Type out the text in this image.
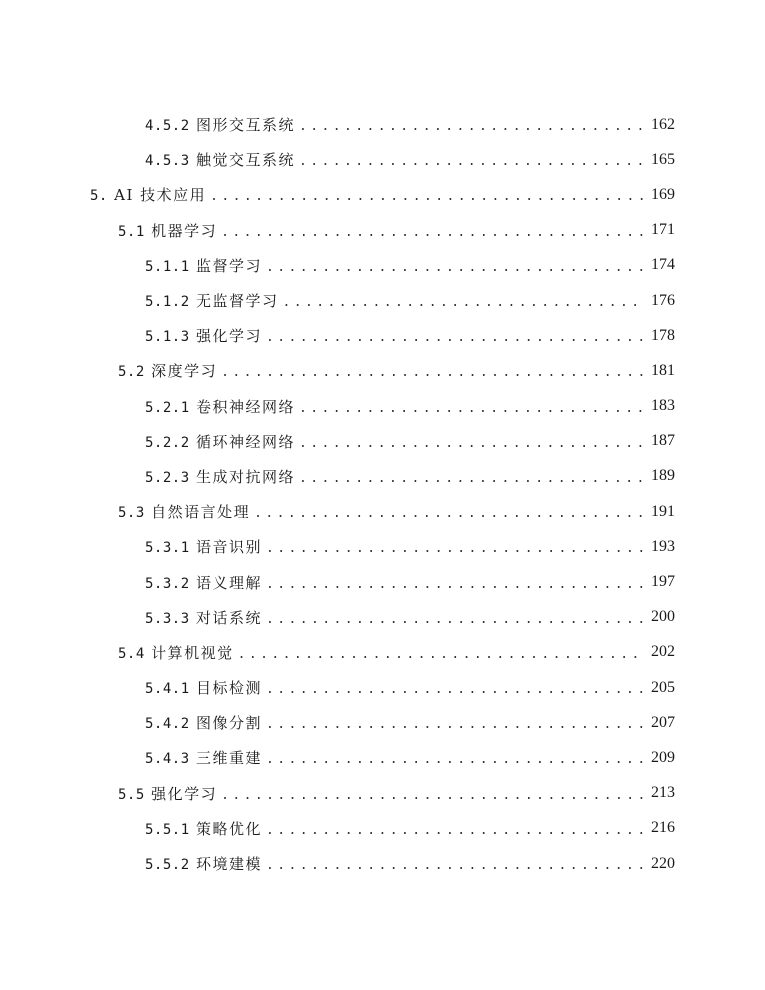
4.5.2 图形交互系统 . . .	162
4.5.3 触觉交互系统 . . .	165
5. AI 技术应用 . . .	169
5.1 机器学习 . . .	171
5.1.1 监督学习 . . .	174
5.1.2 无监督学习 . . .	176
5.1.3 强化学习 . . .	178
5.2 深度学习 . . .	181
5.2.1 卷积神经网络 . . .	183
5.2.2 循环神经网络 . . .	187
5.2.3 生成对抗网络 . . .	189
5.3 自然语言处理 . . .	191
5.3.1 语音识别 . . .	193
5.3.2 语义理解 . . .	197
5.3.3 对话系统 . . .	200
5.4 计算机视觉 . . .	202
5.4.1 目标检测 . . .	205
5.4.2 图像分割 . . .	207
5.4.3 三维重建 . . .	209
5.5 强化学习 . . .	213
5.5.1 策略优化 . . .	216
5.5.2 环境建模 . . .	220
